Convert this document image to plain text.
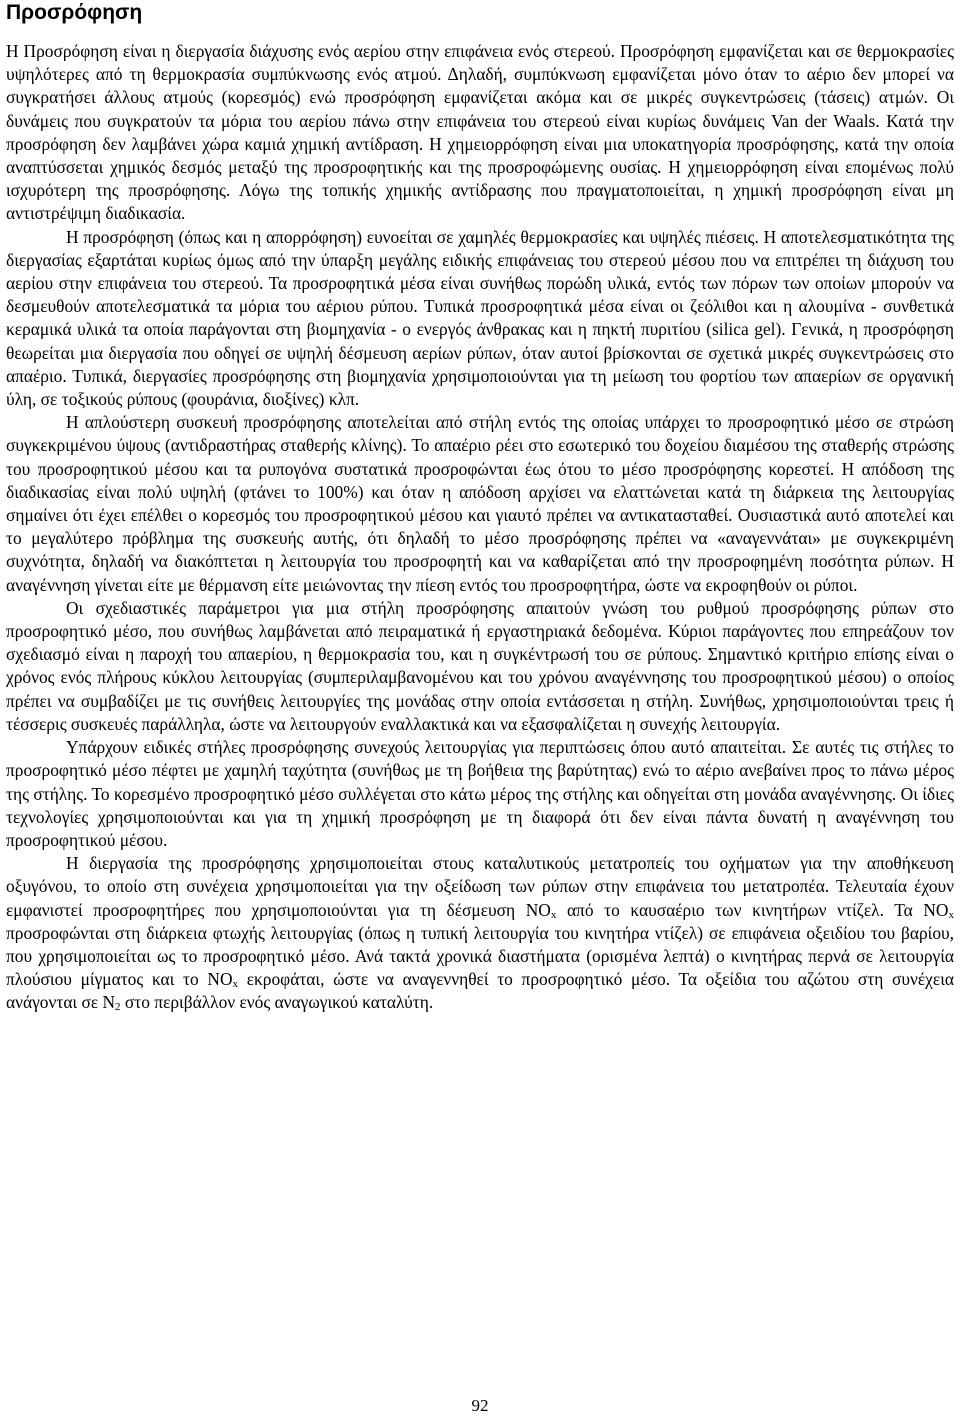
Προσρόφηση

Η Προσρόφηση είναι η διεργασία διάχυσης ενός αερίου στην επιφάνεια ενός στερεού. Προσρόφηση εμφανίζεται και σε θερμοκρασίες υψηλότερες από τη θερμοκρασία συμπύκνωσης ενός ατμού. Δηλαδή, συμπύκνωση εμφανίζεται μόνο όταν το αέριο δεν μπορεί να συγκρατήσει άλλους ατμούς (κορεσμός) ενώ προσρόφηση εμφανίζεται ακόμα και σε μικρές συγκεντρώσεις (τάσεις) ατμών. Οι δυνάμεις που συγκρατούν τα μόρια του αερίου πάνω στην επιφάνεια του στερεού είναι κυρίως δυνάμεις Van der Waals. Κατά την προσρόφηση δεν λαμβάνει χώρα καμιά χημική αντίδραση. Η χημειορρόφηση είναι μια υποκατηγορία προσρόφησης, κατά την οποία αναπτύσσεται χημικός δεσμός μεταξύ της προσροφητικής και της προσροφώμενης ουσίας. Η χημειορρόφηση είναι επομένως πολύ ισχυρότερη της προσρόφησης. Λόγω της τοπικής χημικής αντίδρασης που πραγματοποιείται, η χημική προσρόφηση είναι μη αντιστρέψιμη διαδικασία.

Η προσρόφηση (όπως και η απορρόφηση) ευνοείται σε χαμηλές θερμοκρασίες και υψηλές πιέσεις. Η αποτελεσματικότητα της διεργασίας εξαρτάται κυρίως όμως από την ύπαρξη μεγάλης ειδικής επιφάνειας του στερεού μέσου που να επιτρέπει τη διάχυση του αερίου στην επιφάνεια του στερεού. Τα προσροφητικά μέσα είναι συνήθως πορώδη υλικά, εντός των πόρων των οποίων μπορούν να δεσμευθούν αποτελεσματικά τα μόρια του αέριου ρύπου. Τυπικά προσροφητικά μέσα είναι οι ζεόλιθοι και η αλουμίνα - συνθετικά κεραμικά υλικά τα οποία παράγονται στη βιομηχανία - ο ενεργός άνθρακας και η πηκτή πυριτίου (silica gel). Γενικά, η προσρόφηση θεωρείται μια διεργασία που οδηγεί σε υψηλή δέσμευση αερίων ρύπων, όταν αυτοί βρίσκονται σε σχετικά μικρές συγκεντρώσεις στο απαέριο. Τυπικά, διεργασίες προσρόφησης στη βιομηχανία χρησιμοποιούνται για τη μείωση του φορτίου των απαερίων σε οργανική ύλη, σε τοξικούς ρύπους (φουράνια, διοξίνες) κλπ.

Η απλούστερη συσκευή προσρόφησης αποτελείται από στήλη εντός της οποίας υπάρχει το προσροφητικό μέσο σε στρώση συγκεκριμένου ύψους (αντιδραστήρας σταθερής κλίνης). Το απαέριο ρέει στο εσωτερικό του δοχείου διαμέσου της σταθερής στρώσης του προσροφητικού μέσου και τα ρυπογόνα συστατικά προσροφώνται έως ότου το μέσο προσρόφησης κορεστεί. Η απόδοση της διαδικασίας είναι πολύ υψηλή (φτάνει το 100%) και όταν η απόδοση αρχίσει να ελαττώνεται κατά τη διάρκεια της λειτουργίας σημαίνει ότι έχει επέλθει ο κορεσμός του προσροφητικού μέσου και γιαυτό πρέπει να αντικατασταθεί. Ουσιαστικά αυτό αποτελεί και το μεγαλύτερο πρόβλημα της συσκευής αυτής, ότι δηλαδή το μέσο προσρόφησης πρέπει να «αναγεννάται» με συγκεκριμένη συχνότητα, δηλαδή να διακόπτεται η λειτουργία του προσροφητή και να καθαρίζεται από την προσροφημένη ποσότητα ρύπων. Η αναγέννηση γίνεται είτε με θέρμανση είτε μειώνοντας την πίεση εντός του προσροφητήρα, ώστε να εκροφηθούν οι ρύποι.

Οι σχεδιαστικές παράμετροι για μια στήλη προσρόφησης απαιτούν γνώση του ρυθμού προσρόφησης ρύπων στο προσροφητικό μέσο, που συνήθως λαμβάνεται από πειραματικά ή εργαστηριακά δεδομένα. Κύριοι παράγοντες που επηρεάζουν τον σχεδιασμό είναι η παροχή του απαερίου, η θερμοκρασία του, και η συγκέντρωσή του σε ρύπους. Σημαντικό κριτήριο επίσης είναι ο χρόνος ενός πλήρους κύκλου λειτουργίας (συμπεριλαμβανομένου και του χρόνου αναγέννησης του προσροφητικού μέσου) ο οποίος πρέπει να συμβαδίζει με τις συνήθεις λειτουργίες της μονάδας στην οποία εντάσσεται η στήλη. Συνήθως, χρησιμοποιούνται τρεις ή τέσσερις συσκευές παράλληλα, ώστε να λειτουργούν εναλλακτικά και να εξασφαλίζεται η συνεχής λειτουργία.

Υπάρχουν ειδικές στήλες προσρόφησης συνεχούς λειτουργίας για περιπτώσεις όπου αυτό απαιτείται. Σε αυτές τις στήλες το προσροφητικό μέσο πέφτει με χαμηλή ταχύτητα (συνήθως με τη βοήθεια της βαρύτητας) ενώ το αέριο ανεβαίνει προς το πάνω μέρος της στήλης. Το κορεσμένο προσροφητικό μέσο συλλέγεται στο κάτω μέρος της στήλης και οδηγείται στη μονάδα αναγέννησης. Οι ίδιες τεχνολογίες χρησιμοποιούνται και για τη χημική προσρόφηση με τη διαφορά ότι δεν είναι πάντα δυνατή η αναγέννηση του προσροφητικού μέσου.

Η διεργασία της προσρόφησης χρησιμοποιείται στους καταλυτικούς μετατροπείς του οχήματων για την αποθήκευση οξυγόνου, το οποίο στη συνέχεια χρησιμοποιείται για την οξείδωση των ρύπων στην επιφάνεια του μετατροπέα. Τελευταία έχουν εμφανιστεί προσροφητήρες που χρησιμοποιούνται για τη δέσμευση $NO_x$ από το καυσαέριο των κινητήρων ντίζελ. Τα $NO_x$ προσροφώνται στη διάρκεια φτωχής λειτουργίας (όπως η τυπική λειτουργία του κινητήρα ντίζελ) σε επιφάνεια οξειδίου του βαρίου, που χρησιμοποιείται ως το προσροφητικό μέσο. Ανά τακτά χρονικά διαστήματα (ορισμένα λεπτά) ο κινητήρας περνά σε λειτουργία πλούσιου μίγματος και το $NO_x$ εκροφάται, ώστε να αναγεννηθεί το προσροφητικό μέσο. Τα οξείδια του αζώτου στη συνέχεια ανάγονται σε $N_2$ στο περιβάλλον ενός αναγωγικού καταλύτη.

92
